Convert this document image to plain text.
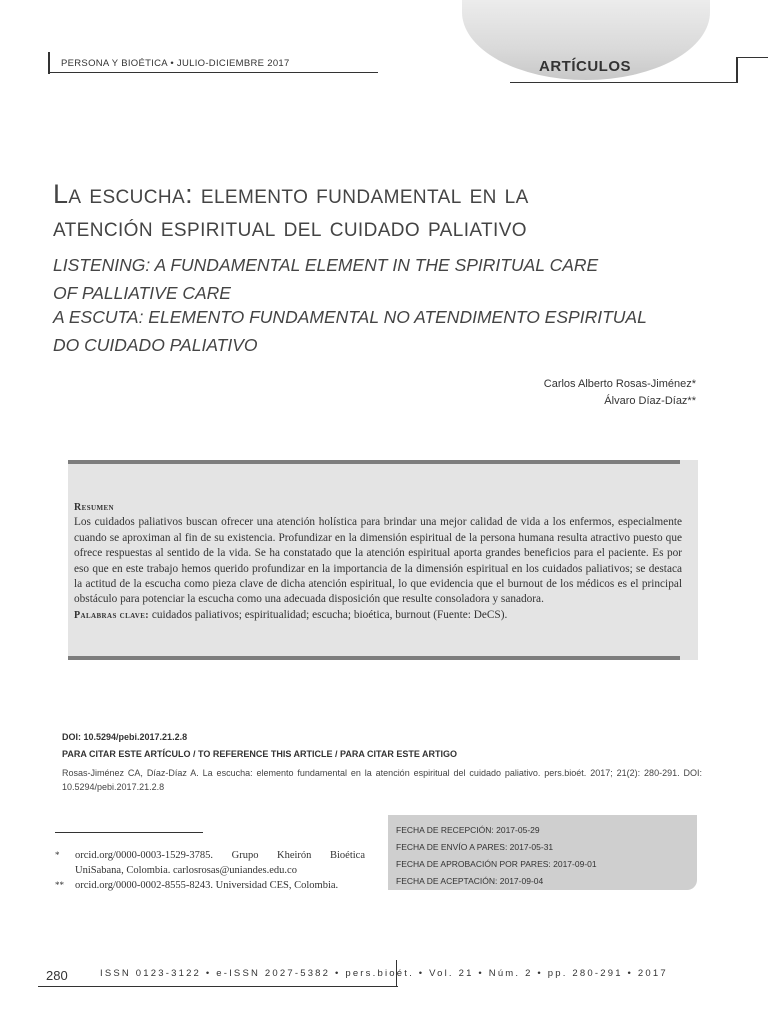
PERSONA Y BIOÉTICA • JULIO-DICIEMBRE 2017	ARTÍCULOS
La escucha: elemento fundamental en la
atención espiritual del cuidado paliativo
LISTENING: A FUNDAMENTAL ELEMENT IN THE SPIRITUAL CARE
OF PALLIATIVE CARE
A ESCUTA: ELEMENTO FUNDAMENTAL NO ATENDIMENTO ESPIRITUAL
DO CUIDADO PALIATIVO
Carlos Alberto Rosas-Jiménez*
Álvaro Díaz-Díaz**
Resumen
Los cuidados paliativos buscan ofrecer una atención holística para brindar una mejor calidad de vida a los enfermos, especialmente cuando se aproximan al fin de su existencia. Profundizar en la dimensión espiritual de la persona humana resulta atractivo puesto que ofrece respuestas al sentido de la vida. Se ha constatado que la atención espiritual aporta grandes beneficios para el paciente. Es por eso que en este trabajo hemos querido profundizar en la importancia de la dimensión espiritual en los cuidados paliativos; se destaca la actitud de la escucha como pieza clave de dicha atención espiritual, lo que evidencia que el burnout de los médicos es el principal obstáculo para potenciar la escucha como una adecuada disposición que resulte consoladora y sanadora.
Palabras clave: cuidados paliativos; espiritualidad; escucha; bioética, burnout (Fuente: DeCS).
DOI: 10.5294/pebi.2017.21.2.8
PARA CITAR ESTE ARTÍCULO / TO REFERENCE THIS ARTICLE / PARA CITAR ESTE ARTIGO
Rosas-Jiménez CA, Díaz-Díaz A. La escucha: elemento fundamental en la atención espiritual del cuidado paliativo. pers.bioét. 2017; 21(2): 280-291. DOI: 10.5294/pebi.2017.21.2.8
*	orcid.org/0000-0003-1529-3785. Grupo Kheirón Bioética UniSabana, Colombia. carlosrosas@uniandes.edu.co
**	orcid.org/0000-0002-8555-8243. Universidad CES, Colombia.
FECHA DE RECEPCIÓN: 2017-05-29
FECHA DE ENVÍO A PARES: 2017-05-31
FECHA DE APROBACIÓN POR PARES: 2017-09-01
FECHA DE ACEPTACIÓN: 2017-09-04
280	ISSN 0123-3122 • e-ISSN 2027-5382 • pers.bioét. • Vol. 21 • Núm. 2 • pp. 280-291 • 2017
